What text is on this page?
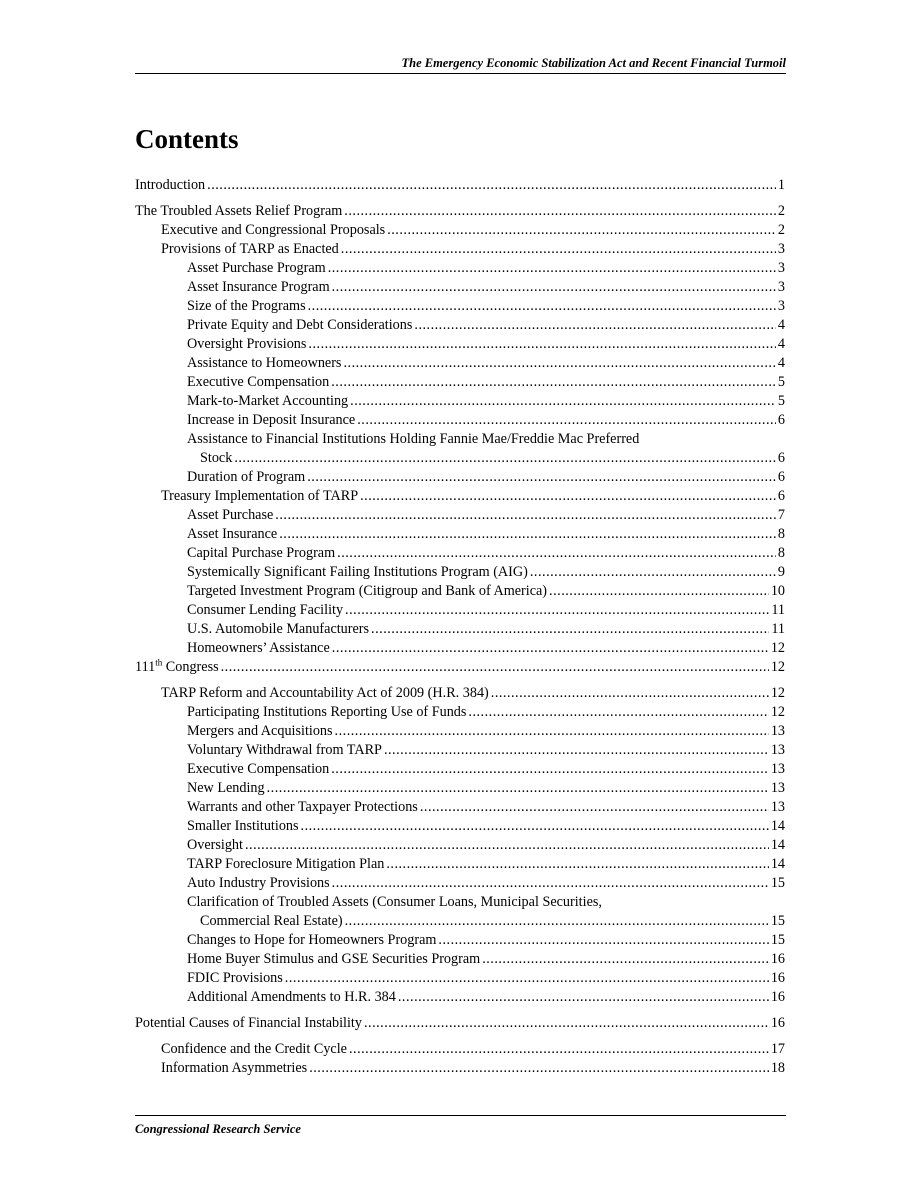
The Emergency Economic Stabilization Act and Recent Financial Turmoil
Contents
Introduction .....	1
The Troubled Assets Relief Program .....	2
Executive and Congressional Proposals .....	2
Provisions of TARP as Enacted .....	3
Asset Purchase Program .....	3
Asset Insurance Program .....	3
Size of the Programs .....	3
Private Equity and Debt Considerations .....	4
Oversight Provisions .....	4
Assistance to Homeowners .....	4
Executive Compensation .....	5
Mark-to-Market Accounting .....	5
Increase in Deposit Insurance .....	6
Assistance to Financial Institutions Holding Fannie Mae/Freddie Mac Preferred
Stock .....	6
Duration of Program .....	6
Treasury Implementation of TARP .....	6
Asset Purchase .....	7
Asset Insurance .....	8
Capital Purchase Program .....	8
Systemically Significant Failing Institutions Program (AIG) .....	9
Targeted Investment Program (Citigroup and Bank of America) .....	10
Consumer Lending Facility .....	11
U.S. Automobile Manufacturers .....	11
Homeowners’ Assistance .....	12
111th Congress .....	12
TARP Reform and Accountability Act of 2009 (H.R. 384) .....	12
Participating Institutions Reporting Use of Funds .....	12
Mergers and Acquisitions .....	13
Voluntary Withdrawal from TARP .....	13
Executive Compensation .....	13
New Lending .....	13
Warrants and other Taxpayer Protections .....	13
Smaller Institutions .....	14
Oversight .....	14
TARP Foreclosure Mitigation Plan .....	14
Auto Industry Provisions .....	15
Clarification of Troubled Assets (Consumer Loans, Municipal Securities,
Commercial Real Estate) .....	15
Changes to Hope for Homeowners Program .....	15
Home Buyer Stimulus and GSE Securities Program .....	16
FDIC Provisions .....	16
Additional Amendments to H.R. 384 .....	16
Potential Causes of Financial Instability .....	16
Confidence and the Credit Cycle .....	17
Information Asymmetries .....	18
Congressional Research Service
